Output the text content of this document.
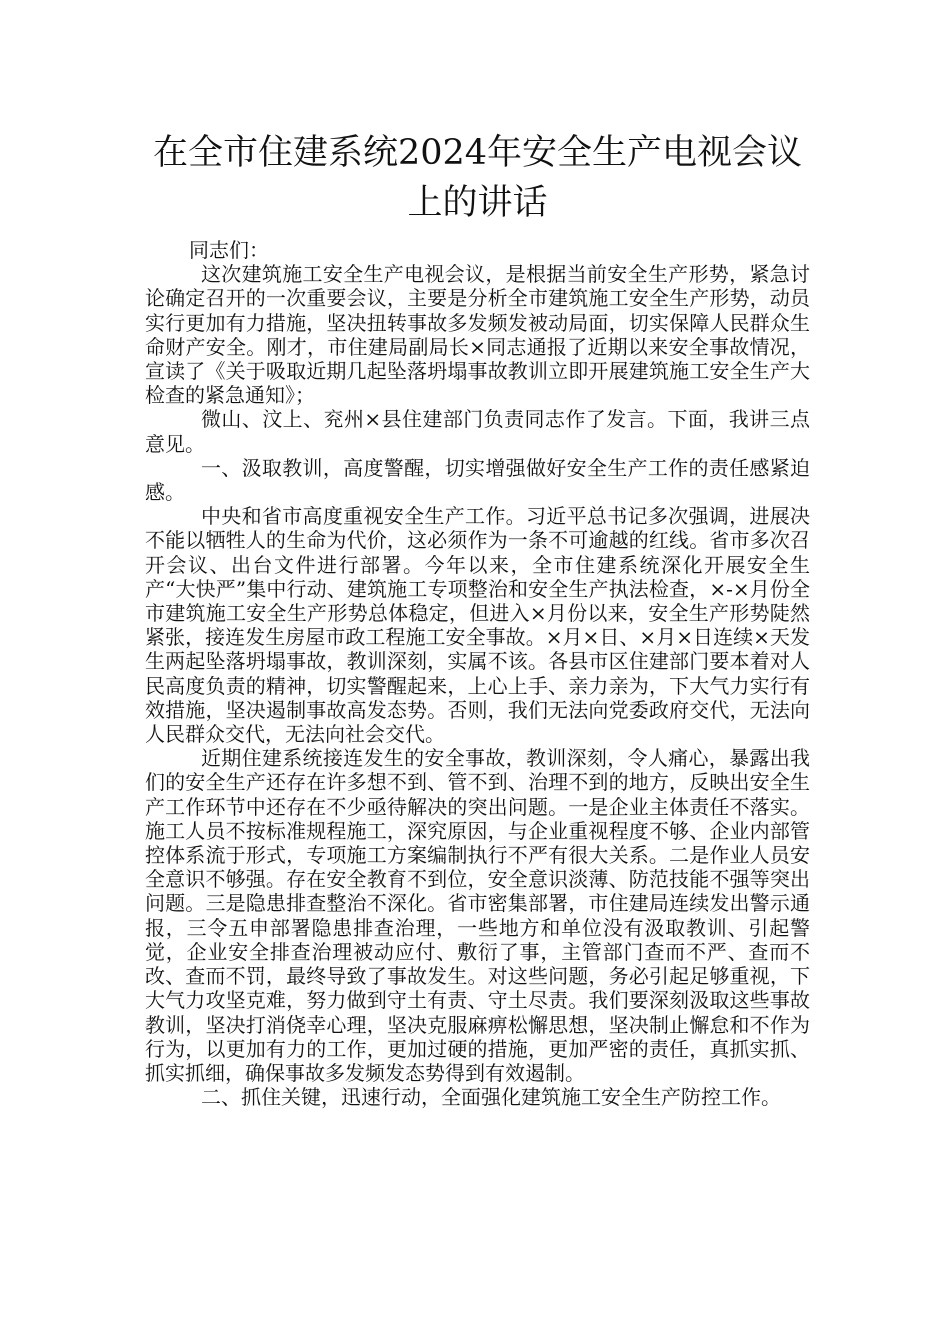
在全市住建系统2024年安全生产电视会议上的讲话

同志们：

这次建筑施工安全生产电视会议，是根据当前安全生产形势，紧急讨论确定召开的一次重要会议，主要是分析全市建筑施工安全生产形势，动员实行更加有力措施，坚决扭转事故多发频发被动局面，切实保障人民群众生命财产安全。刚才，市住建局副局长×同志通报了近期以来安全事故情况，宣读了《关于吸取近期几起坠落坍塌事故教训立即开展建筑施工安全生产大检查的紧急通知》；

微山、汶上、兖州×县住建部门负责同志作了发言。下面，我讲三点意见。

一、汲取教训，高度警醒，切实增强做好安全生产工作的责任感紧迫感。

中央和省市高度重视安全生产工作。习近平总书记多次强调，进展决不能以牺牲人的生命为代价，这必须作为一条不可逾越的红线。省市多次召开会议、出台文件进行部署。今年以来，全市住建系统深化开展安全生产“大快严”集中行动、建筑施工专项整治和安全生产执法检查，×-×月份全市建筑施工安全生产形势总体稳定，但进入×月份以来，安全生产形势陡然紧张，接连发生房屋市政工程施工安全事故。×月×日、×月×日连续×天发生两起坠落坍塌事故，教训深刻，实属不该。各县市区住建部门要本着对人民高度负责的精神，切实警醒起来，上心上手、亲力亲为，下大气力实行有效措施，坚决遏制事故高发态势。否则，我们无法向党委政府交代，无法向人民群众交代，无法向社会交代。

近期住建系统接连发生的安全事故，教训深刻，令人痛心，暴露出我们的安全生产还存在许多想不到、管不到、治理不到的地方，反映出安全生产工作环节中还存在不少亟待解决的突出问题。一是企业主体责任不落实。施工人员不按标准规程施工，深究原因，与企业重视程度不够、企业内部管控体系流于形式，专项施工方案编制执行不严有很大关系。二是作业人员安全意识不够强。存在安全教育不到位，安全意识淡薄、防范技能不强等突出问题。三是隐患排查整治不深化。省市密集部署，市住建局连续发出警示通报，三令五申部署隐患排查治理，一些地方和单位没有汲取教训、引起警觉，企业安全排查治理被动应付、敷衍了事，主管部门查而不严、查而不改、查而不罚，最终导致了事故发生。对这些问题，务必引起足够重视，下大气力攻坚克难，努力做到守土有责、守土尽责。我们要深刻汲取这些事故教训，坚决打消侥幸心理，坚决克服麻痹松懈思想，坚决制止懈怠和不作为行为，以更加有力的工作，更加过硬的措施，更加严密的责任，真抓实抓、抓实抓细，确保事故多发频发态势得到有效遏制。

二、抓住关键，迅速行动，全面强化建筑施工安全生产防控工作。
